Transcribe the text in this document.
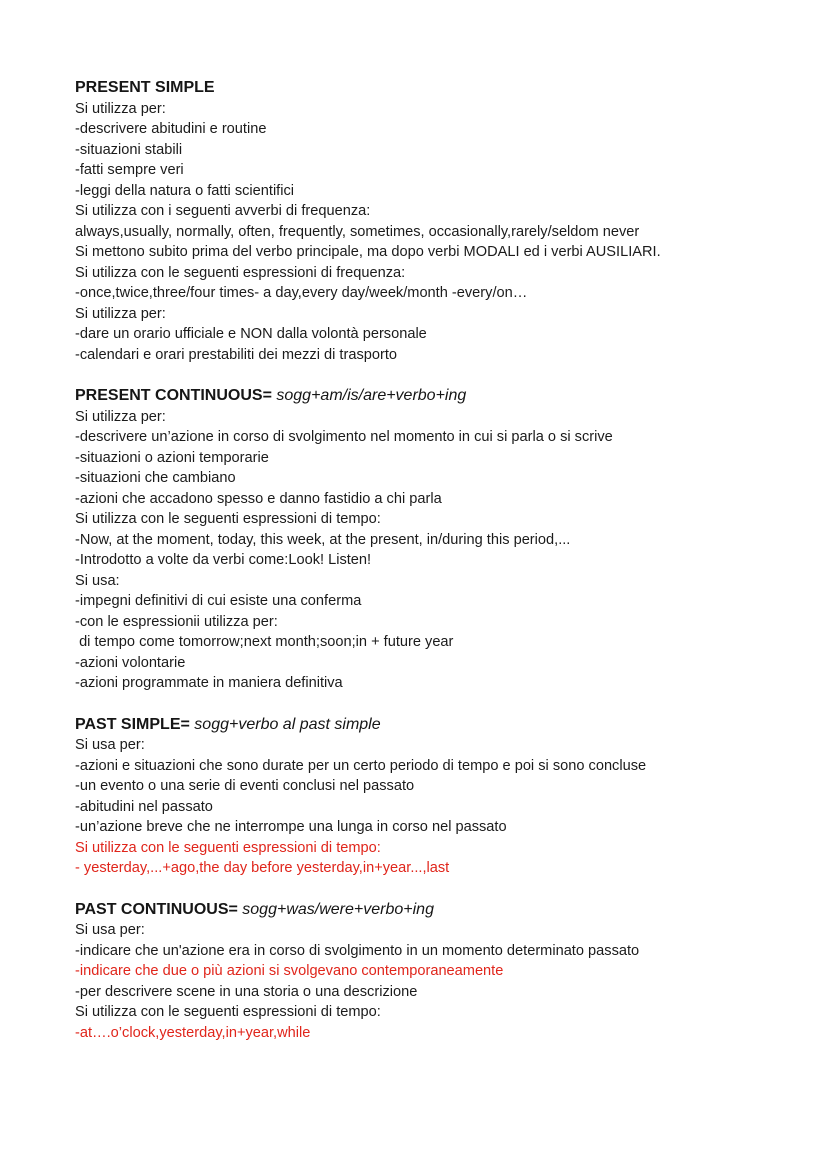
PRESENT SIMPLE

Si utilizza per:

-descrivere abitudini e routine

-situazioni stabili

-fatti sempre veri

-leggi della natura o fatti scientifici

Si utilizza con i seguenti avverbi di frequenza:

always,usually, normally, often, frequently, sometimes, occasionally,rarely/seldom never

Si mettono subito prima del verbo principale, ma dopo verbi MODALI ed i verbi AUSILIARI.

Si utilizza con le seguenti espressioni di frequenza:

-once,twice,three/four times- a day,every day/week/month -every/on…

Si utilizza per:

-dare un orario ufficiale e NON dalla volontà personale

-calendari e orari prestabiliti dei mezzi di trasporto

PRESENT CONTINUOUS= sogg+am/is/are+verbo+ing

Si utilizza per:

-descrivere un’azione in corso di svolgimento nel momento in cui si parla o si scrive

-situazioni o azioni temporarie

-situazioni che cambiano

-azioni che accadono spesso e danno fastidio a chi parla

Si utilizza con le seguenti espressioni di tempo:

-Now, at the moment, today, this week, at the present, in/during this period,...

-Introdotto a volte da verbi come:Look! Listen!

Si usa:

-impegni definitivi di cui esiste una conferma

-con le espressionii utilizza per:

di tempo come tomorrow;next month;soon;in + future year

-azioni volontarie

-azioni programmate in maniera definitiva

PAST SIMPLE= sogg+verbo al past simple

Si usa per:

-azioni e situazioni che sono durate per un certo periodo di tempo e poi si sono concluse

-un evento o una serie di eventi conclusi nel passato

-abitudini nel passato

-un’azione breve che ne interrompe una lunga in corso nel passato

Si utilizza con le seguenti espressioni di tempo:

- yesterday,...+ago,the day before yesterday,in+year...,last

PAST CONTINUOUS= sogg+was/were+verbo+ing

Si usa per:

-indicare che un'azione era in corso di svolgimento in un momento determinato passato

-indicare che due o più azioni si svolgevano contemporaneamente

-per descrivere scene in una storia o una descrizione

Si utilizza con le seguenti espressioni di tempo:

-at….o’clock,yesterday,in+year,while
